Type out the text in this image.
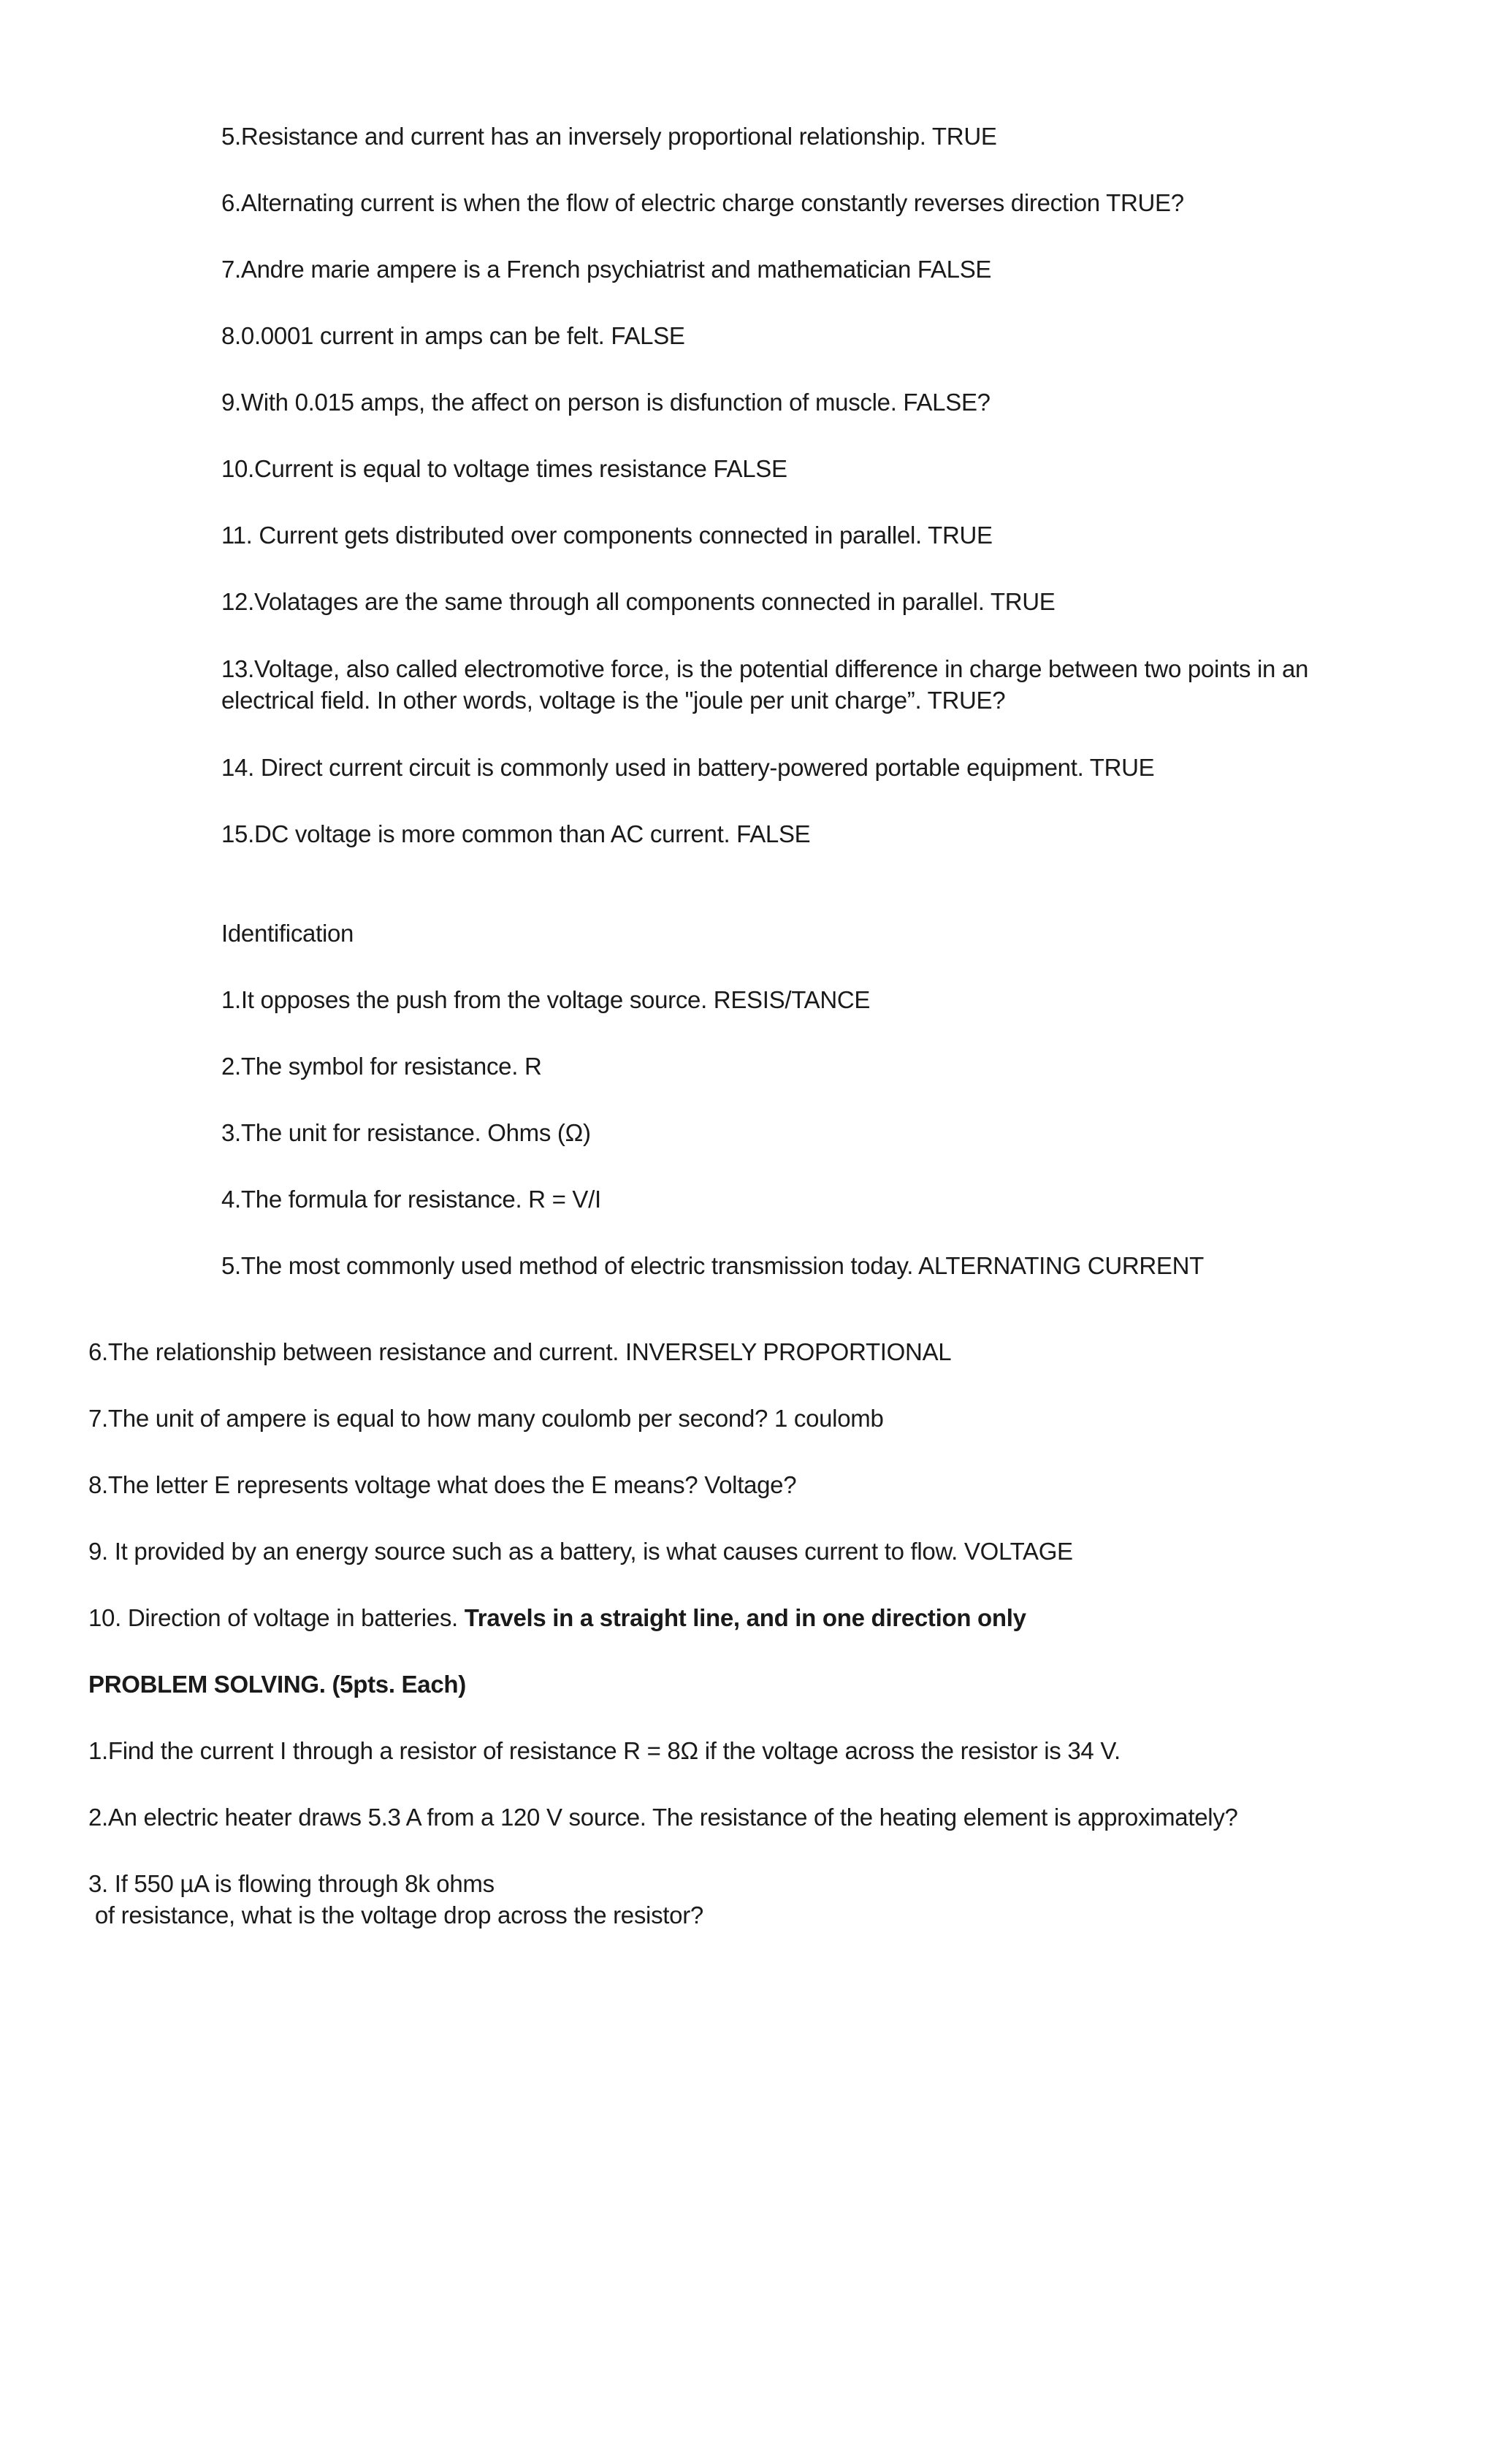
5.Resistance and current has an inversely proportional relationship. TRUE

6.Alternating current is when the flow of electric charge constantly reverses direction TRUE?

7.Andre marie ampere is a French psychiatrist and mathematician FALSE

8.0.0001 current in amps can be felt. FALSE

9.With 0.015 amps, the affect on person is disfunction of muscle. FALSE?

10.Current is equal to voltage times resistance FALSE

11. Current gets distributed over components connected in parallel. TRUE

12.Volatages are the same through all components connected in parallel. TRUE

13.Voltage, also called electromotive force, is the potential difference in charge between two points in an electrical field. In other words, voltage is the "joule per unit charge”. TRUE?

14. Direct current circuit is commonly used in battery-powered portable equipment. TRUE

15.DC voltage is more common than AC current. FALSE

Identification

1.It opposes the push from the voltage source. RESIS/TANCE

2.The symbol for resistance. R

3.The unit for resistance. Ohms (Ω)

4.The formula for resistance. R = V/I

5.The most commonly used method of electric transmission today. ALTERNATING CURRENT

6.The relationship between resistance and current. INVERSELY PROPORTIONAL

7.The unit of ampere is equal to how many coulomb per second? 1 coulomb

8.The letter E represents voltage what does the E means? Voltage?

9. It provided by an energy source such as a battery, is what causes current to flow. VOLTAGE

10. Direction of voltage in batteries. Travels in a straight line, and in one direction only

PROBLEM SOLVING. (5pts. Each)

1.Find the current I through a resistor of resistance R = 8Ω if the voltage across the resistor is 34 V.

2.An electric heater draws 5.3 A from a 120 V source. The resistance of the heating element is approximately?

3. If 550 µA is flowing through 8k ohms

of resistance, what is the voltage drop across the resistor?
